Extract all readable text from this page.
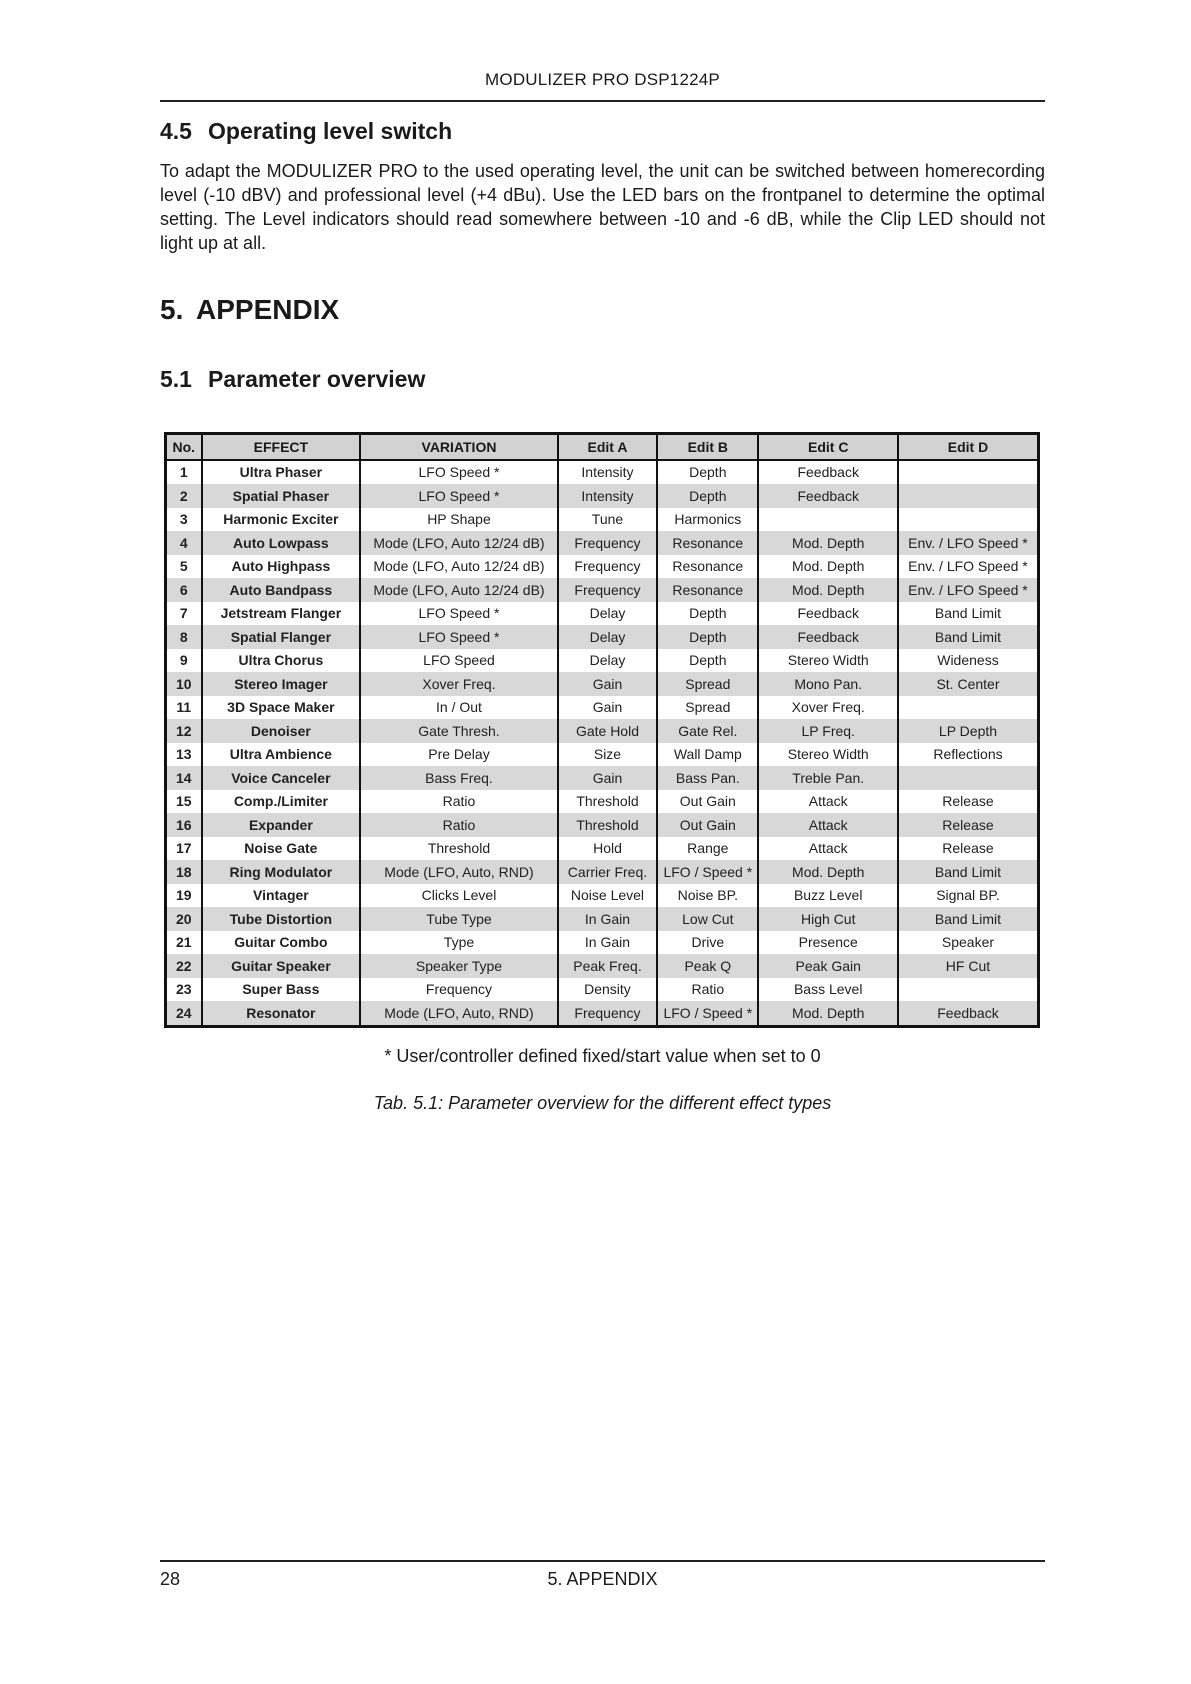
MODULIZER PRO DSP1224P
4.5 Operating level switch
To adapt the MODULIZER PRO to the used operating level, the unit can be switched between homerecording level (-10 dBV) and professional level (+4 dBu). Use the LED bars on the frontpanel to determine the optimal setting. The Level indicators should read somewhere between -10 and -6 dB, while the Clip LED should not light up at all.
5. APPENDIX
5.1 Parameter overview
No.	EFFECT	VARIATION	Edit A	Edit B	Edit C	Edit D
1	Ultra Phaser	LFO Speed *	Intensity	Depth	Feedback	
2	Spatial Phaser	LFO Speed *	Intensity	Depth	Feedback	
3	Harmonic Exciter	HP Shape	Tune	Harmonics		
4	Auto Lowpass	Mode (LFO, Auto 12/24 dB)	Frequency	Resonance	Mod. Depth	Env. / LFO Speed *
5	Auto Highpass	Mode (LFO, Auto 12/24 dB)	Frequency	Resonance	Mod. Depth	Env. / LFO Speed *
6	Auto Bandpass	Mode (LFO, Auto 12/24 dB)	Frequency	Resonance	Mod. Depth	Env. / LFO Speed *
7	Jetstream Flanger	LFO Speed *	Delay	Depth	Feedback	Band Limit
8	Spatial Flanger	LFO Speed *	Delay	Depth	Feedback	Band Limit
9	Ultra Chorus	LFO Speed	Delay	Depth	Stereo Width	Wideness
10	Stereo Imager	Xover Freq.	Gain	Spread	Mono Pan.	St. Center
11	3D Space Maker	In / Out	Gain	Spread	Xover Freq.	
12	Denoiser	Gate Thresh.	Gate Hold	Gate Rel.	LP Freq.	LP Depth
13	Ultra Ambience	Pre Delay	Size	Wall Damp	Stereo Width	Reflections
14	Voice Canceler	Bass Freq.	Gain	Bass Pan.	Treble Pan.	
15	Comp./Limiter	Ratio	Threshold	Out Gain	Attack	Release
16	Expander	Ratio	Threshold	Out Gain	Attack	Release
17	Noise Gate	Threshold	Hold	Range	Attack	Release
18	Ring Modulator	Mode (LFO, Auto, RND)	Carrier Freq.	LFO / Speed *	Mod. Depth	Band Limit
19	Vintager	Clicks Level	Noise Level	Noise BP.	Buzz Level	Signal BP.
20	Tube Distortion	Tube Type	In Gain	Low Cut	High Cut	Band Limit
21	Guitar Combo	Type	In Gain	Drive	Presence	Speaker
22	Guitar Speaker	Speaker Type	Peak Freq.	Peak Q	Peak Gain	HF Cut
23	Super Bass	Frequency	Density	Ratio	Bass Level	
24	Resonator	Mode (LFO, Auto, RND)	Frequency	LFO / Speed *	Mod. Depth	Feedback
* User/controller defined fixed/start value when set to 0
Tab. 5.1: Parameter overview for the different effect types
28	5. APPENDIX
